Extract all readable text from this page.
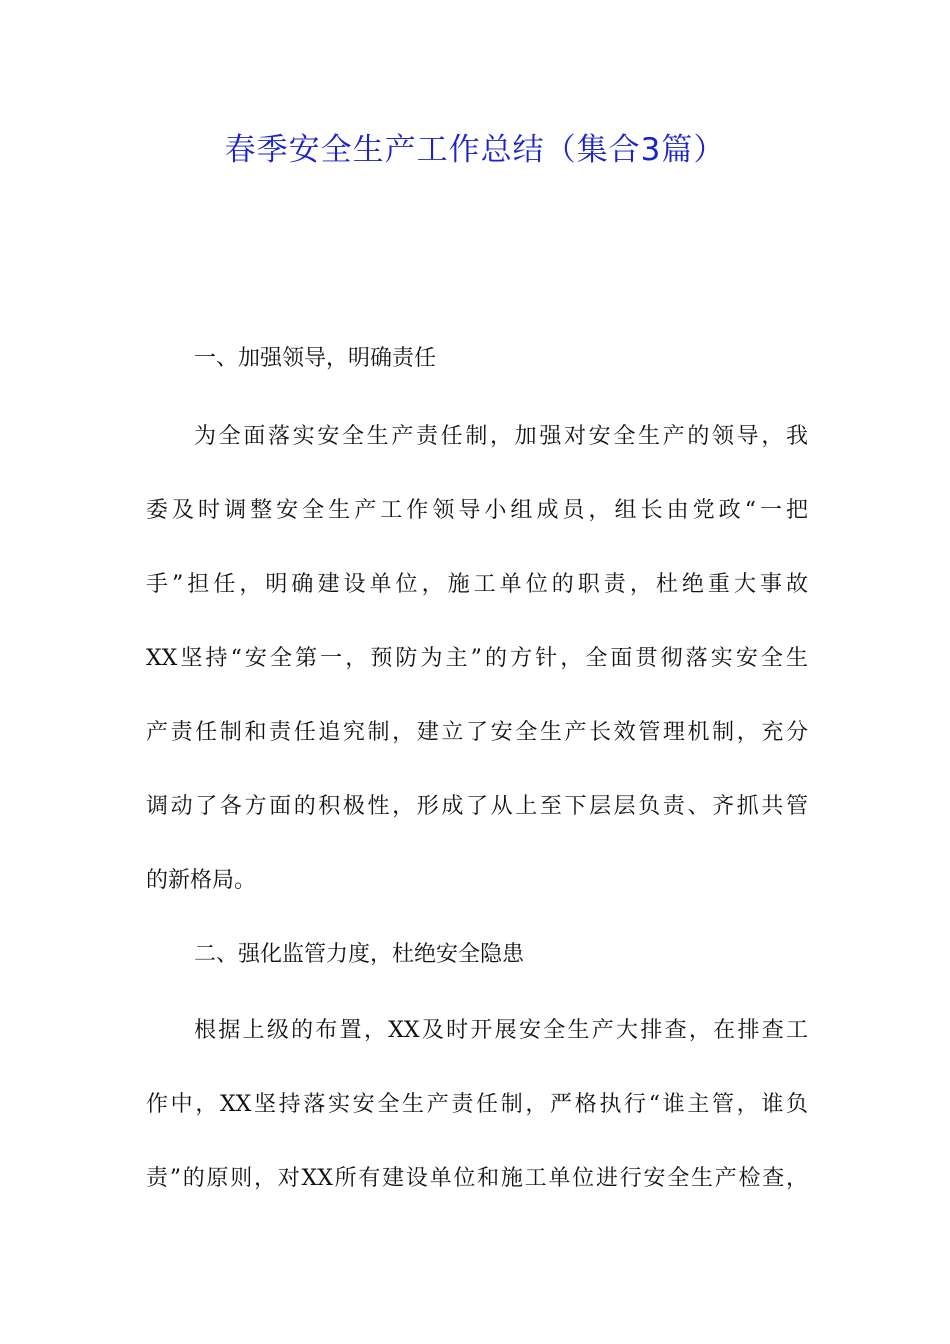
春季安全生产工作总结（集合3篇）
一、加强领导，明确责任
为全面落实安全生产责任制，加强对安全生产的领导，我
委及时调整安全生产工作领导小组成员，组长由党政“一把
手”担任，明确建设单位，施工单位的职责，杜绝重大事故
XX坚持“安全第一，预防为主”的方针，全面贯彻落实安全生
产责任制和责任追究制，建立了安全生产长效管理机制，充分
调动了各方面的积极性，形成了从上至下层层负责、齐抓共管
的新格局。
二、强化监管力度，杜绝安全隐患
根据上级的布置，XX及时开展安全生产大排查，在排查工
作中，XX坚持落实安全生产责任制，严格执行“谁主管，谁负
责”的原则，对XX所有建设单位和施工单位进行安全生产检查，
